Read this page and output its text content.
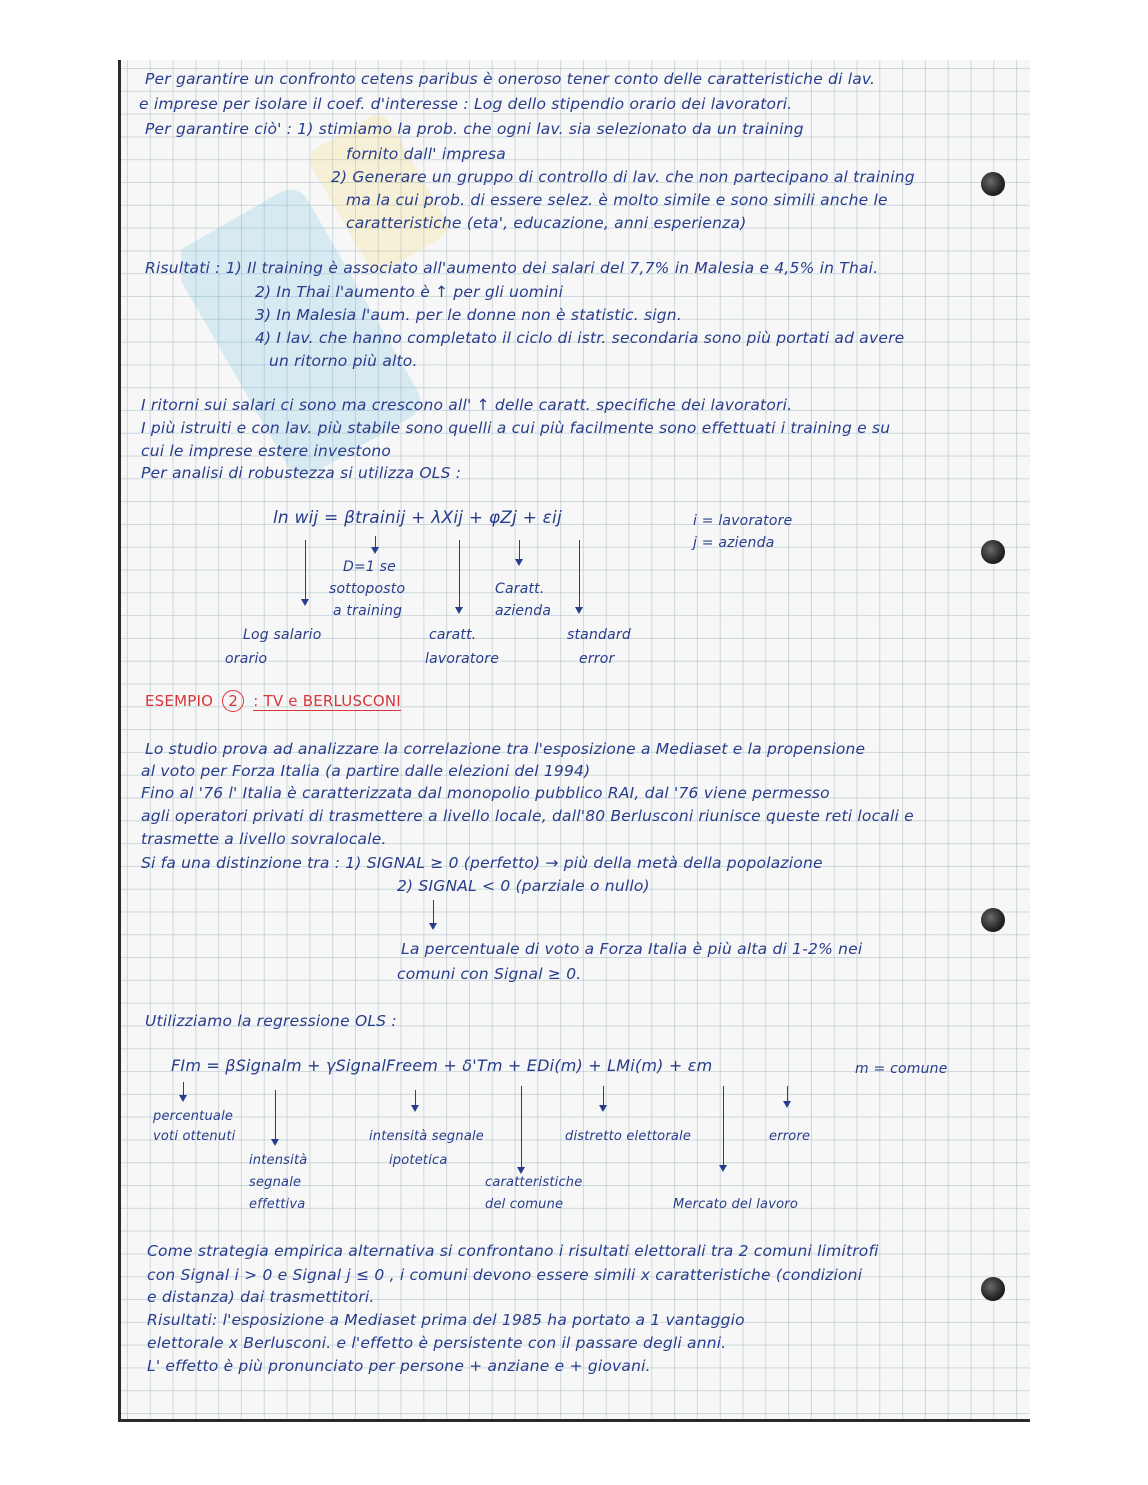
Per garantire un confronto cetens paribus è oneroso tener conto delle caratteristiche di lav.
e imprese per isolare il coef. d'interesse : Log dello stipendio orario dei lavoratori.
Per garantire ciò' : 1) stimiamo la prob. che ogni lav. sia selezionato da un training
fornito dall' impresa
2) Generare un gruppo di controllo di lav. che non partecipano al training
ma la cui prob. di essere selez. è molto simile e sono simili anche le
caratteristiche (eta', educazione, anni esperienza)
Risultati : 1) Il training è associato all'aumento dei salari del 7,7% in Malesia e 4,5% in Thai.
2) In Thai l'aumento è ↑ per gli uomini
3) In Malesia l'aum. per le donne non è statistic. sign.
4) I lav. che hanno completato il ciclo di istr. secondaria sono più portati ad avere
un ritorno più alto.
I ritorni sui salari ci sono ma crescono all' ↑ delle caratt. specifiche dei lavoratori.
I più istruiti e con lav. più stabile sono quelli a cui più facilmente sono effettuati i training e su
cui le imprese estere investono
Per analisi di robustezza si utilizza OLS :
ln wij = βtrainij + λXij + φZj + εij	i = lavoratore
j = azienda
D=1 se
sottoposto
a training
Caratt.
azienda
Log salario
orario
caratt.
lavoratore
standard
error
ESEMPIO 2 : TV e BERLUSCONI
Lo studio prova ad analizzare la correlazione tra l'esposizione a Mediaset e la propensione
al voto per Forza Italia (a partire dalle elezioni del 1994)
Fino al '76 l' Italia è caratterizzata dal monopolio pubblico RAI, dal '76 viene permesso
agli operatori privati di trasmettere a livello locale, dall'80 Berlusconi riunisce queste reti locali e
trasmette a livello sovralocale.
Si fa una distinzione tra : 1) SIGNAL ≥ 0 (perfetto) → più della metà della popolazione
2) SIGNAL < 0 (parziale o nullo)
La percentuale di voto a Forza Italia è più alta di 1-2% nei
comuni con Signal ≥ 0.
Utilizziamo la regressione OLS :
FIm = βSignalm + γSignalFreem + δ'Tm + EDi(m) + LMi(m) + εm	m = comune
percentuale
voti ottenuti	intensità segnale
ipotetica
distretto elettorale	errore
intensità
segnale
effettiva
caratteristiche
del comune	Mercato del lavoro
Come strategia empirica alternativa si confrontano i risultati elettorali tra 2 comuni limitrofi
con Signal i > 0 e Signal j ≤ 0 , i comuni devono essere simili x caratteristiche (condizioni
e distanza) dai trasmettitori.
Risultati: l'esposizione a Mediaset prima del 1985 ha portato a 1 vantaggio
elettorale x Berlusconi. e l'effetto è persistente con il passare degli anni.
L' effetto è più pronunciato per persone + anziane e + giovani.
